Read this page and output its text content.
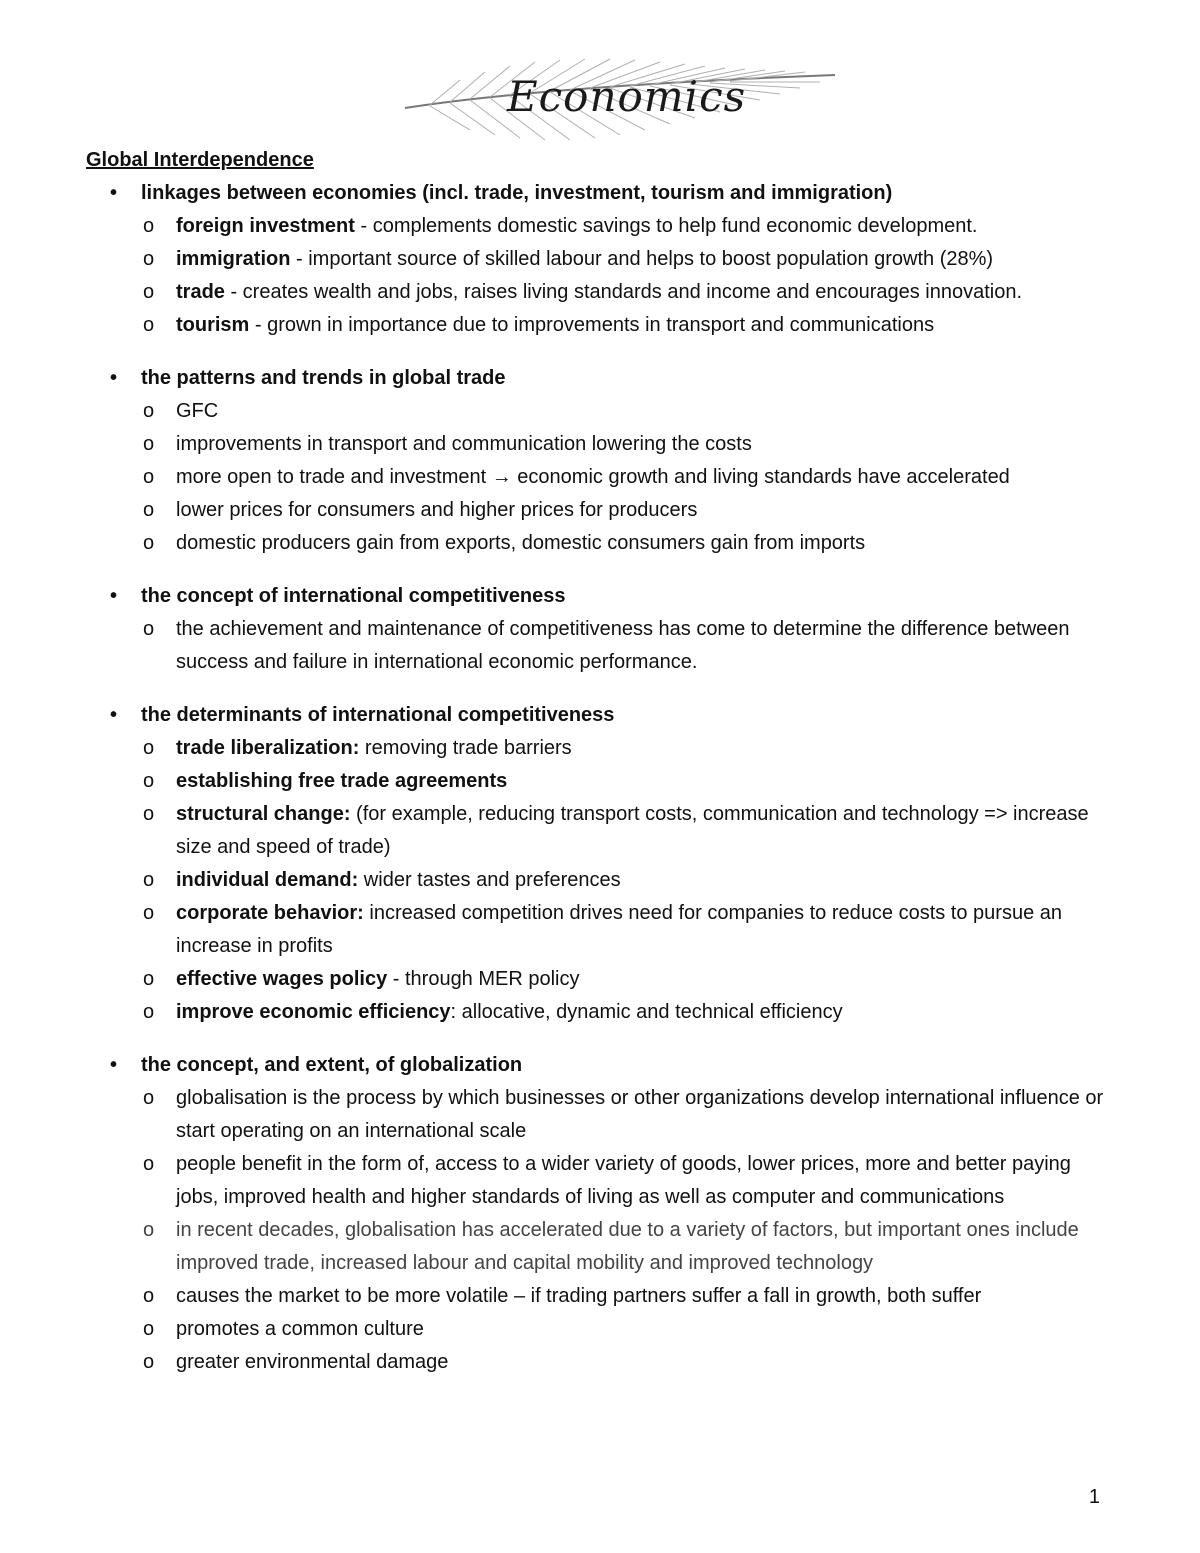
Economics
Global Interdependence
• linkages between economies (incl. trade, investment, tourism and immigration)
o foreign investment - complements domestic savings to help fund economic development.
o immigration - important source of skilled labour and helps to boost population growth (28%)
o trade - creates wealth and jobs, raises living standards and income and encourages innovation.
o tourism - grown in importance due to improvements in transport and communications
• the patterns and trends in global trade
o GFC
o improvements in transport and communication lowering the costs
o more open to trade and investment → economic growth and living standards have accelerated
o lower prices for consumers and higher prices for producers
o domestic producers gain from exports, domestic consumers gain from imports
• the concept of international competitiveness
o the achievement and maintenance of competitiveness has come to determine the difference between success and failure in international economic performance.
• the determinants of international competitiveness
o trade liberalization: removing trade barriers
o establishing free trade agreements
o structural change: (for example, reducing transport costs, communication and technology => increase size and speed of trade)
o individual demand: wider tastes and preferences
o corporate behavior: increased competition drives need for companies to reduce costs to pursue an increase in profits
o effective wages policy - through MER policy
o improve economic efficiency: allocative, dynamic and technical efficiency
• the concept, and extent, of globalization
o globalisation is the process by which businesses or other organizations develop international influence or start operating on an international scale
o people benefit in the form of, access to a wider variety of goods, lower prices, more and better paying jobs, improved health and higher standards of living as well as computer and communications
o in recent decades, globalisation has accelerated due to a variety of factors, but important ones include improved trade, increased labour and capital mobility and improved technology
o causes the market to be more volatile – if trading partners suffer a fall in growth, both suffer
o promotes a common culture
o greater environmental damage
1
